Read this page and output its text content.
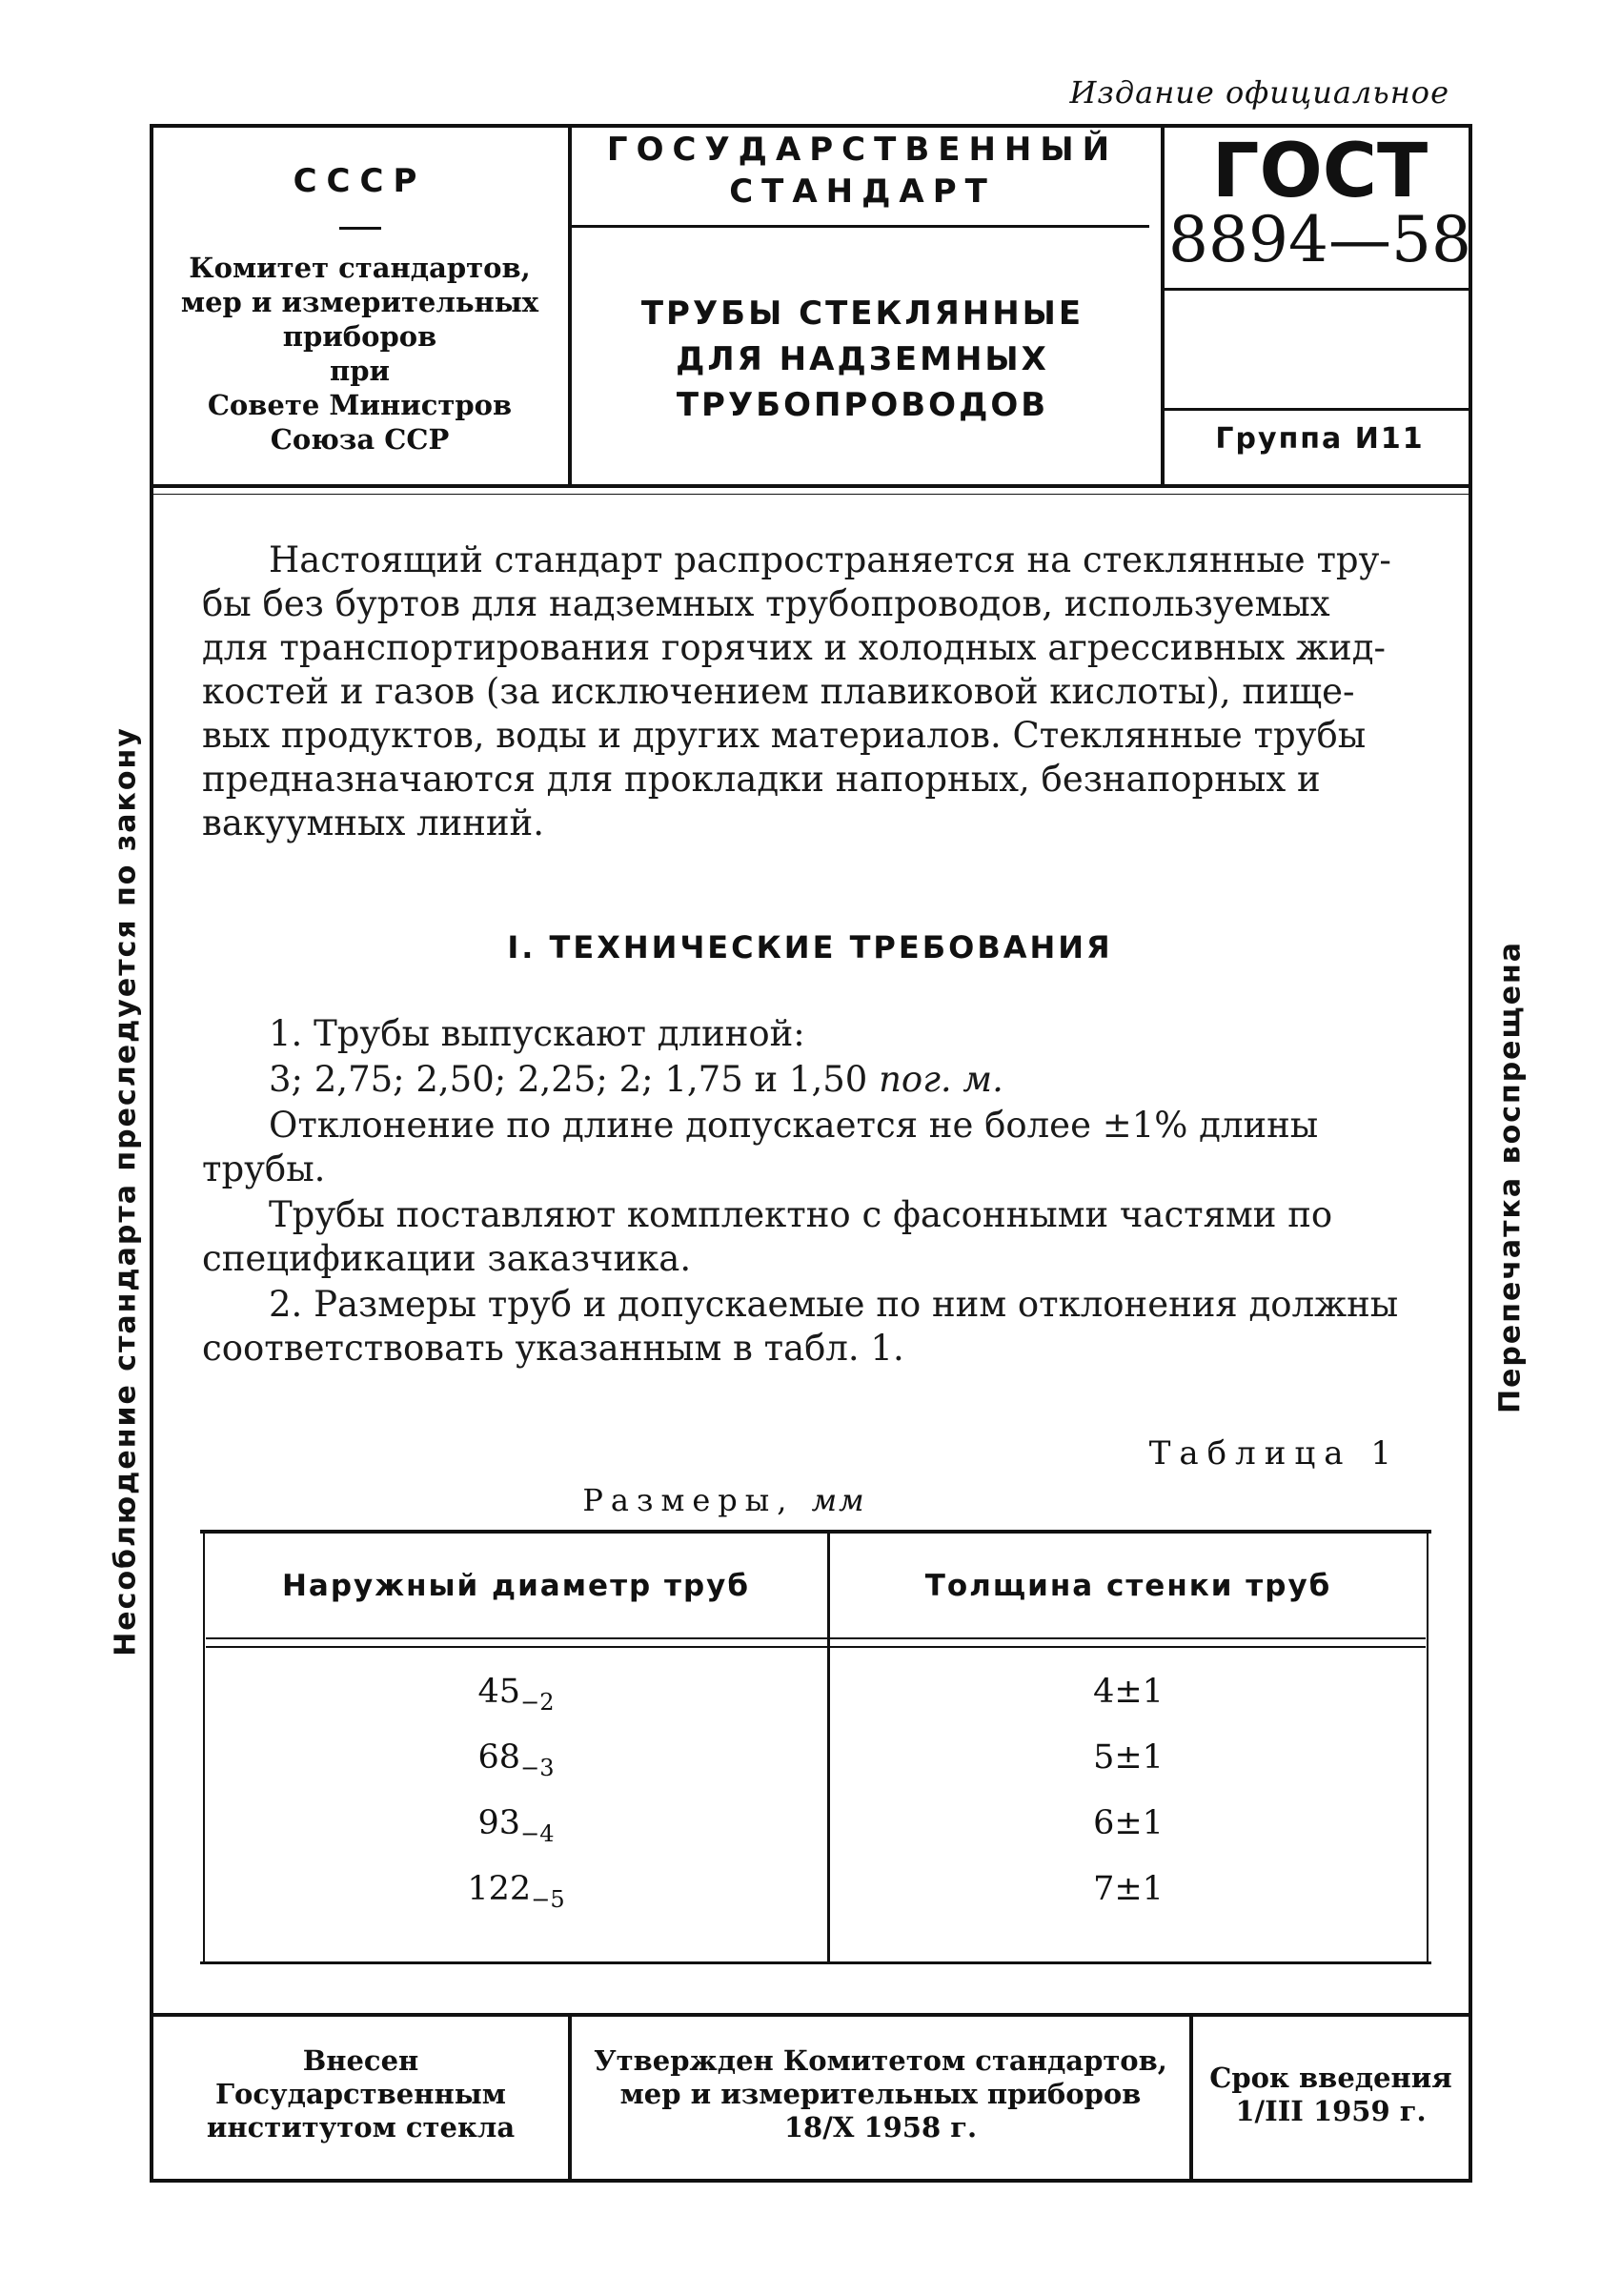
Издание официальное
СССР
Комитет стандартов,
мер и измерительных
приборов
при
Совете Министров
Союза ССР
ГОСУДАРСТВЕННЫЙ
СТАНДАРТ
ТРУБЫ СТЕКЛЯННЫЕ
ДЛЯ НАДЗЕМНЫХ
ТРУБОПРОВОДОВ
ГОСТ
8894—58
Группа И11
Настоящий стандарт распространяется на стеклянные тру-
бы без буртов для надземных трубопроводов, используемых
для транспортирования горячих и холодных агрессивных жид-
костей и газов (за исключением плавиковой кислоты), пище-
вых продуктов, воды и других материалов. Стеклянные трубы
предназначаются для прокладки напорных, безнапорных и
вакуумных линий.
I. ТЕХНИЧЕСКИЕ ТРЕБОВАНИЯ
1. Трубы выпускают длиной:
3; 2,75; 2,50; 2,25; 2; 1,75 и 1,50 пог. м.
Отклонение по длине допускается не более ±1% длины
трубы.
Трубы поставляют комплектно с фасонными частями по
спецификации заказчика.
2. Размеры труб и допускаемые по ним отклонения должны
соответствовать указанным в табл. 1.
Таблица 1
Размеры, мм
Наружный диаметр труб	Толщина стенки труб
$45_{-2}$	4±1
$68_{-3}$	5±1
$93_{-4}$	6±1
$122_{-5}$	7±1
Внесен
Государственным
институтом стекла
Утвержден Комитетом стандартов,
мер и измерительных приборов
18/X 1958 г.
Срок введения
1/III 1959 г.
Несоблюдение стандарта преследуется по закону	Перепечатка воспрещена
